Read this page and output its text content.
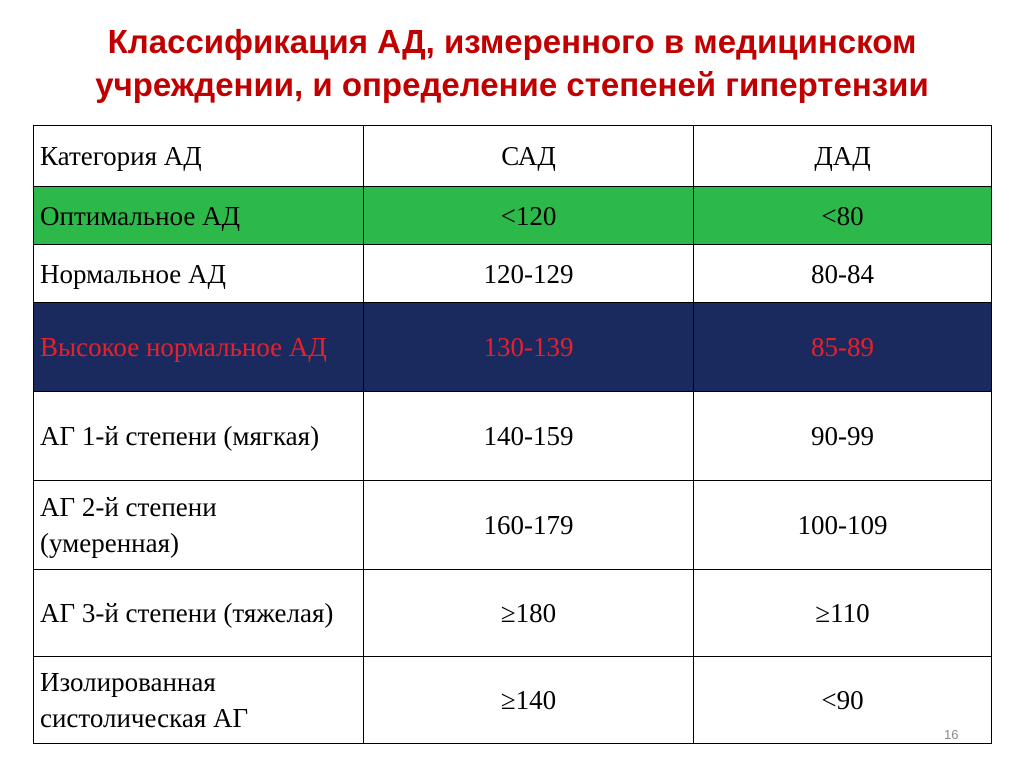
Классификация АД, измеренного в медицинском
учреждении, и определение степеней гипертензии
Категория АД	САД	ДАД
Оптимальное АД	<120	<80
Нормальное АД	120-129	80-84
Высокое нормальное АД	130-139	85-89
АГ 1-й степени (мягкая)	140-159	90-99
АГ 2-й степени (умеренная)	160-179	100-109
АГ 3-й степени (тяжелая)	≥180	≥110
Изолированная систолическая АГ	≥140	<90
16
